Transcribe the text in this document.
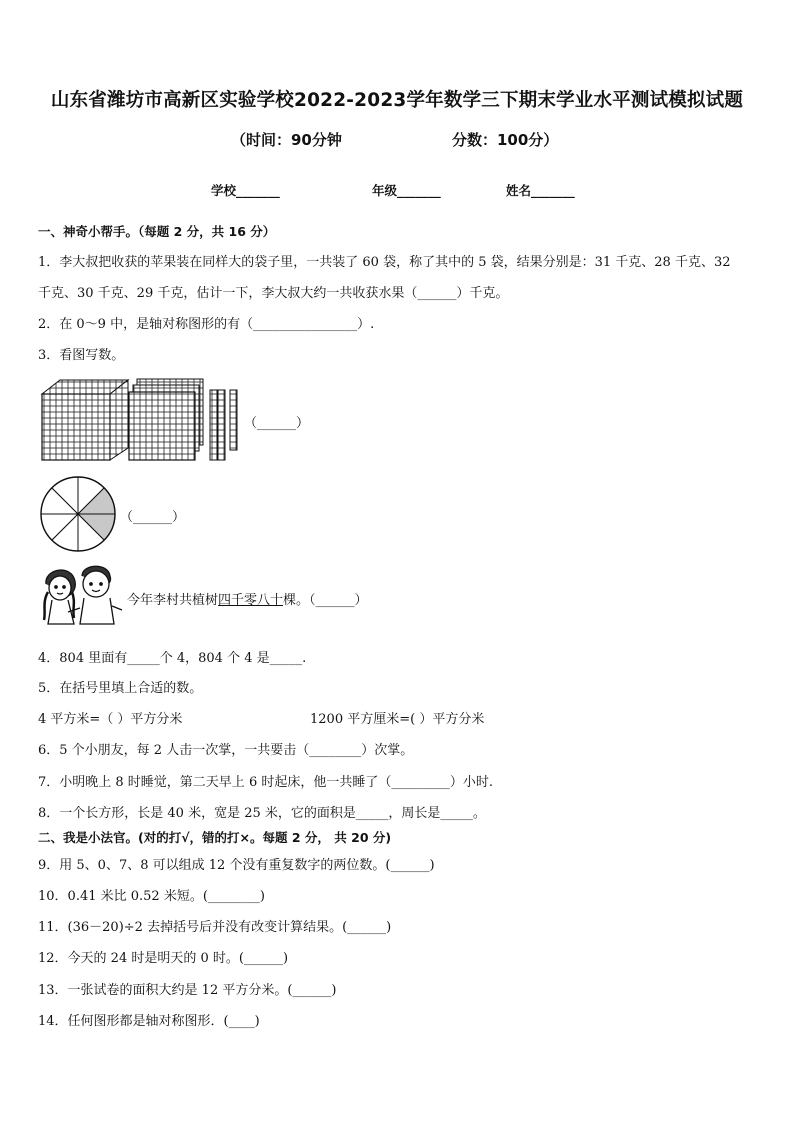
山东省潍坊市高新区实验学校2022-2023学年数学三下期末学业水平测试模拟试题
（时间：90分钟	分数：100分）
学校_______	年级_______	姓名_______
一、神奇小帮手。（每题 2 分，共 16 分）
1．李大叔把收获的苹果装在同样大的袋子里，一共装了 60 袋，称了其中的 5 袋，结果分别是：31 千克、28 千克、32
千克、30 千克、29 千克，估计一下，李大叔大约一共收获水果（______）千克。
2．在 0～9 中，是轴对称图形的有（________________）.
3．看图写数。
（______）
（______）
今年李村共植树四千零八十棵。（______）
4．804 里面有_____个 4，804 个 4 是_____.
5．在括号里填上合适的数。
4 平方米=（ ）平方分米	1200 平方厘米=( ）平方分米
6．5 个小朋友，每 2 人击一次掌，一共要击（________）次掌。
7．小明晚上 8 时睡觉，第二天早上 6 时起床，他一共睡了（_________）小时.
8．一个长方形，长是 40 米，宽是 25 米，它的面积是_____，周长是_____。
二、我是小法官。(对的打√，错的打×。每题 2 分， 共 20 分)
9．用 5、0、7、8 可以组成 12 个没有重复数字的两位数。(______)
10．0.41 米比 0.52 米短。(________)
11．(36－20)÷2 去掉括号后并没有改变计算结果。(______)
12．今天的 24 时是明天的 0 时。(______)
13．一张试卷的面积大约是 12 平方分米。(______)
14．任何图形都是轴对称图形．(____)
